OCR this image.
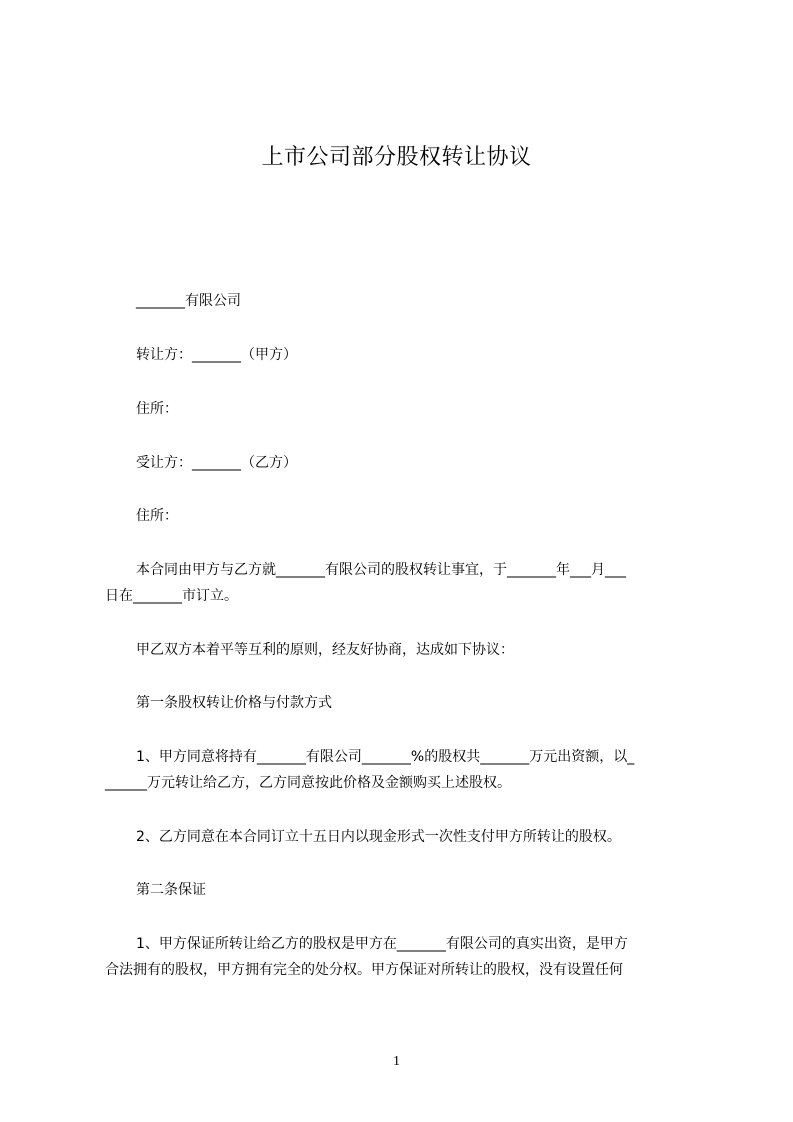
上市公司部分股权转让协议

_______有限公司

转让方：_______（甲方）

住所：

受让方：_______（乙方）

住所：

本合同由甲方与乙方就_______有限公司的股权转让事宜，于_______年___月___
日在_______市订立。

甲乙双方本着平等互利的原则，经友好协商，达成如下协议：

第一条股权转让价格与付款方式

1、甲方同意将持有_______有限公司_______%的股权共_______万元出资额，以_
______万元转让给乙方，乙方同意按此价格及金额购买上述股权。

2、乙方同意在本合同订立十五日内以现金形式一次性支付甲方所转让的股权。

第二条保证

1、甲方保证所转让给乙方的股权是甲方在_______有限公司的真实出资，是甲方
合法拥有的股权，甲方拥有完全的处分权。甲方保证对所转让的股权，没有设置任何
1
